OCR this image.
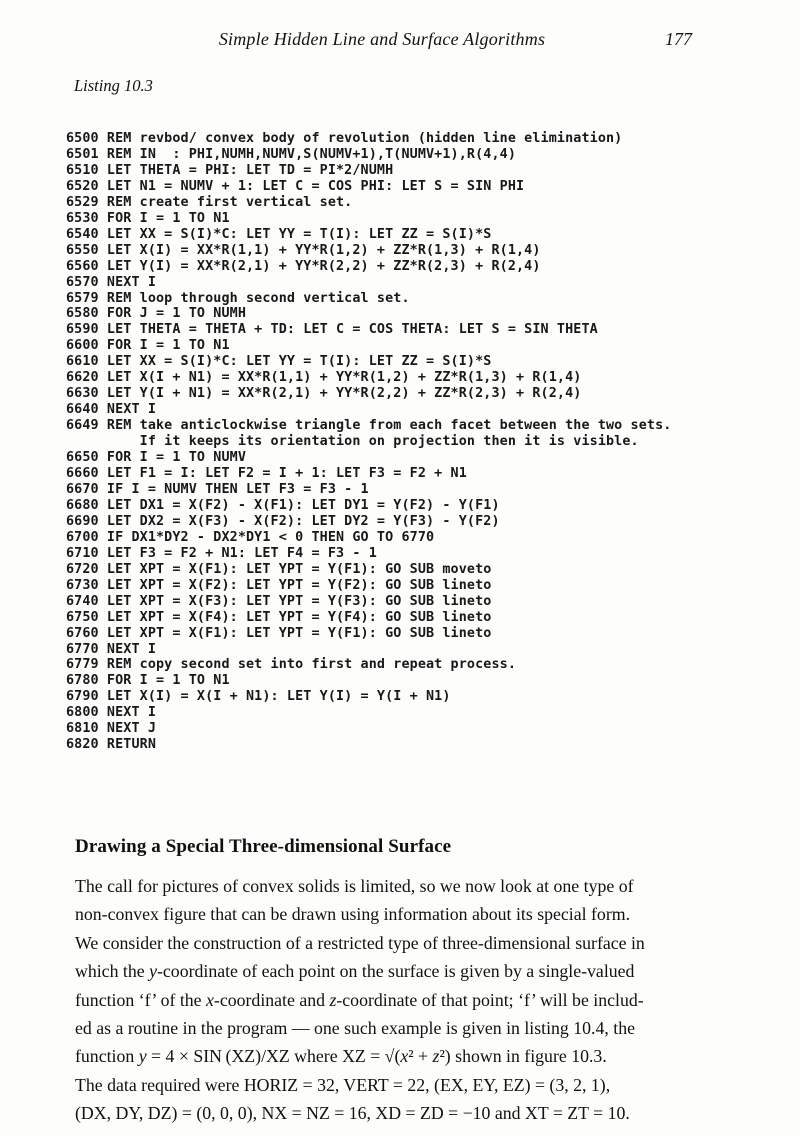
Simple Hidden Line and Surface Algorithms	177
Listing 10.3
6500 REM revbod/ convex body of revolution (hidden line elimination)
6501 REM IN  : PHI,NUMH,NUMV,S(NUMV+1),T(NUMV+1),R(4,4)
6510 LET THETA = PHI: LET TD = PI*2/NUMH
6520 LET N1 = NUMV + 1: LET C = COS PHI: LET S = SIN PHI
6529 REM create first vertical set.
6530 FOR I = 1 TO N1
6540 LET XX = S(I)*C: LET YY = T(I): LET ZZ = S(I)*S
6550 LET X(I) = XX*R(1,1) + YY*R(1,2) + ZZ*R(1,3) + R(1,4)
6560 LET Y(I) = XX*R(2,1) + YY*R(2,2) + ZZ*R(2,3) + R(2,4)
6570 NEXT I
6579 REM loop through second vertical set.
6580 FOR J = 1 TO NUMH
6590 LET THETA = THETA + TD: LET C = COS THETA: LET S = SIN THETA
6600 FOR I = 1 TO N1
6610 LET XX = S(I)*C: LET YY = T(I): LET ZZ = S(I)*S
6620 LET X(I + N1) = XX*R(1,1) + YY*R(1,2) + ZZ*R(1,3) + R(1,4)
6630 LET Y(I + N1) = XX*R(2,1) + YY*R(2,2) + ZZ*R(2,3) + R(2,4)
6640 NEXT I
6649 REM take anticlockwise triangle from each facet between the two sets.
If it keeps its orientation on projection then it is visible.
6650 FOR I = 1 TO NUMV
6660 LET F1 = I: LET F2 = I + 1: LET F3 = F2 + N1
6670 IF I = NUMV THEN LET F3 = F3 - 1
6680 LET DX1 = X(F2) - X(F1): LET DY1 = Y(F2) - Y(F1)
6690 LET DX2 = X(F3) - X(F2): LET DY2 = Y(F3) - Y(F2)
6700 IF DX1*DY2 - DX2*DY1 < 0 THEN GO TO 6770
6710 LET F3 = F2 + N1: LET F4 = F3 - 1
6720 LET XPT = X(F1): LET YPT = Y(F1): GO SUB moveto
6730 LET XPT = X(F2): LET YPT = Y(F2): GO SUB lineto
6740 LET XPT = X(F3): LET YPT = Y(F3): GO SUB lineto
6750 LET XPT = X(F4): LET YPT = Y(F4): GO SUB lineto
6760 LET XPT = X(F1): LET YPT = Y(F1): GO SUB lineto
6770 NEXT I
6779 REM copy second set into first and repeat process.
6780 FOR I = 1 TO N1
6790 LET X(I) = X(I + N1): LET Y(I) = Y(I + N1)
6800 NEXT I
6810 NEXT J
6820 RETURN
Drawing a Special Three-dimensional Surface
The call for pictures of convex solids is limited, so we now look at one type of
non-convex figure that can be drawn using information about its special form.
We consider the construction of a restricted type of three-dimensional surface in
which the y-coordinate of each point on the surface is given by a single-valued
function ‘f’ of the x-coordinate and z-coordinate of that point; ‘f’ will be includ-
ed as a routine in the program — one such example is given in listing 10.4, the
function y = 4 × SIN (XZ)/XZ where XZ = √(x² + z²) shown in figure 10.3.
The data required were HORIZ = 32, VERT = 22, (EX, EY, EZ) = (3, 2, 1),
(DX, DY, DZ) = (0, 0, 0), NX = NZ = 16, XD = ZD = −10 and XT = ZT = 10.
